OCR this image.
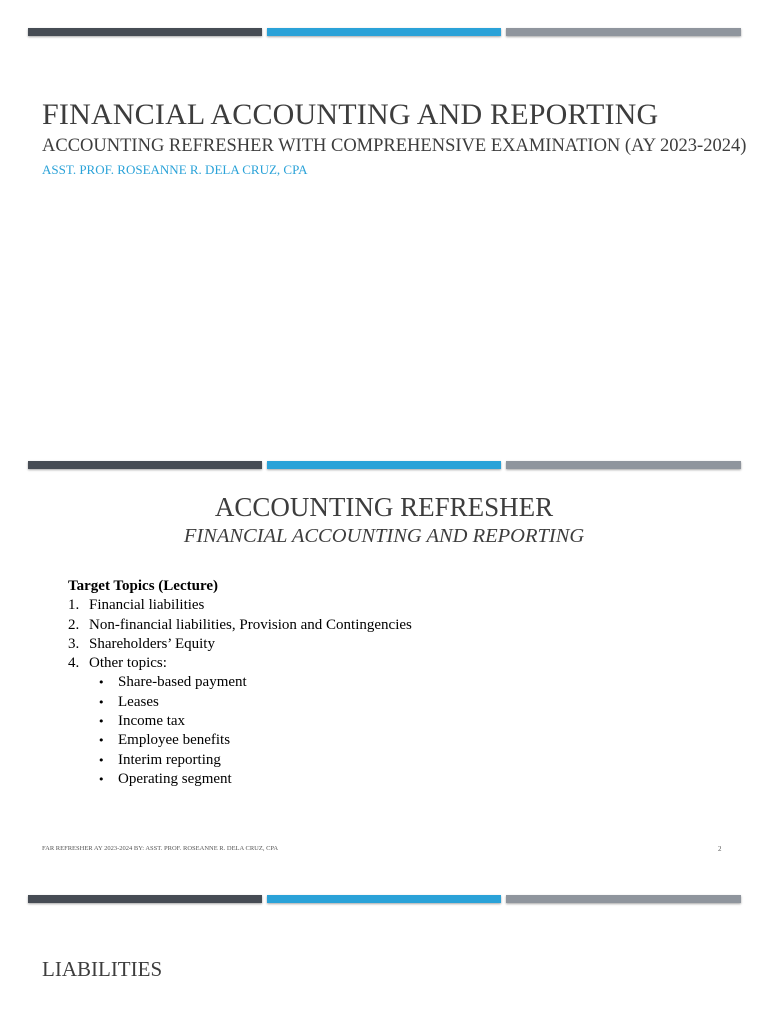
FINANCIAL ACCOUNTING AND REPORTING
ACCOUNTING REFRESHER WITH COMPREHENSIVE EXAMINATION (AY 2023-2024)
ASST. PROF. ROSEANNE R. DELA CRUZ, CPA
ACCOUNTING REFRESHER
FINANCIAL ACCOUNTING AND REPORTING
Target Topics (Lecture)
1. Financial liabilities
2. Non-financial liabilities, Provision and Contingencies
3. Shareholders’ Equity
4. Other topics:
• Share-based payment
• Leases
• Income tax
• Employee benefits
• Interim reporting
• Operating segment
FAR REFRESHER AY 2023-2024 BY: ASST. PROF. ROSEANNE R. DELA CRUZ, CPA	2
LIABILITIES
